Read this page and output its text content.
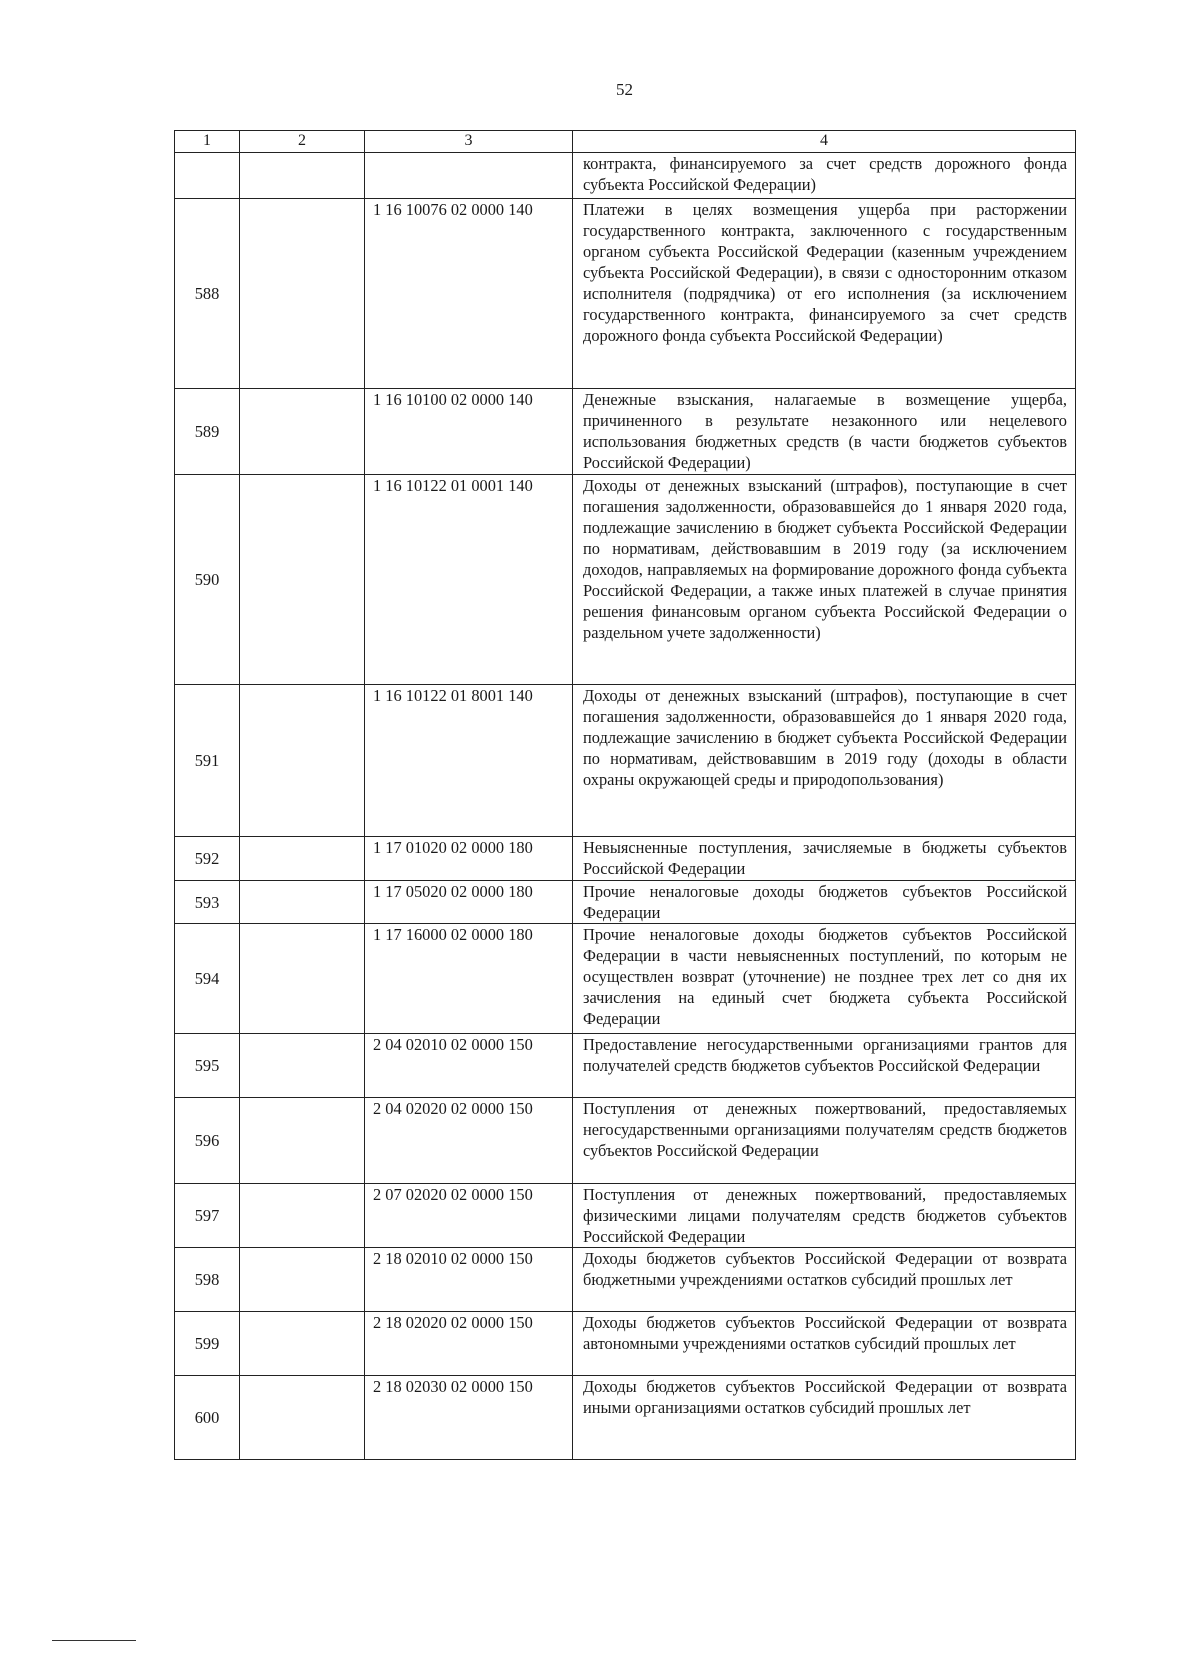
52
1	2	3	4
			контракта, финансируемого за счет средств дорожного фонда субъекта Российской Федерации)
588		1 16 10076 02 0000 140	Платежи в целях возмещения ущерба при расторжении государственного контракта, заключенного с государственным органом субъекта Российской Федерации (казенным учреждением субъекта Российской Федерации), в связи с односторонним отказом исполнителя (подрядчика) от его исполнения (за исключением государственного контракта, финансируемого за счет средств дорожного фонда субъекта Российской Федерации)
589		1 16 10100 02 0000 140	Денежные взыскания, налагаемые в возмещение ущерба, причиненного в результате незаконного или нецелевого использования бюджетных средств (в части бюджетов субъектов Российской Федерации)
590		1 16 10122 01 0001 140	Доходы от денежных взысканий (штрафов), поступающие в счет погашения задолженности, образовавшейся до 1 января 2020 года, подлежащие зачислению в бюджет субъекта Российской Федерации по нормативам, действовавшим в 2019 году (за исключением доходов, направляемых на формирование дорожного фонда субъекта Российской Федерации, а также иных платежей в случае принятия решения финансовым органом субъекта Российской Федерации о раздельном учете задолженности)
591		1 16 10122 01 8001 140	Доходы от денежных взысканий (штрафов), поступающие в счет погашения задолженности, образовавшейся до 1 января 2020 года, подлежащие зачислению в бюджет субъекта Российской Федерации по нормативам, действовавшим в 2019 году (доходы в области охраны окружающей среды и природопользования)
592		1 17 01020 02 0000 180	Невыясненные поступления, зачисляемые в бюджеты субъектов Российской Федерации
593		1 17 05020 02 0000 180	Прочие неналоговые доходы бюджетов субъектов Российской Федерации
594		1 17 16000 02 0000 180	Прочие неналоговые доходы бюджетов субъектов Российской Федерации в части невыясненных поступлений, по которым не осуществлен возврат (уточнение) не позднее трех лет со дня их зачисления на единый счет бюджета субъекта Российской Федерации
595		2 04 02010 02 0000 150	Предоставление негосударственными организациями грантов для получателей средств бюджетов субъектов Российской Федерации
596		2 04 02020 02 0000 150	Поступления от денежных пожертвований, предоставляемых негосударственными организациями получателям средств бюджетов субъектов Российской Федерации
597		2 07 02020 02 0000 150	Поступления от денежных пожертвований, предоставляемых физическими лицами получателям средств бюджетов субъектов Российской Федерации
598		2 18 02010 02 0000 150	Доходы бюджетов субъектов Российской Федерации от возврата бюджетными учреждениями остатков субсидий прошлых лет
599		2 18 02020 02 0000 150	Доходы бюджетов субъектов Российской Федерации от возврата автономными учреждениями остатков субсидий прошлых лет
600		2 18 02030 02 0000 150	Доходы бюджетов субъектов Российской Федерации от возврата иными организациями остатков субсидий прошлых лет
